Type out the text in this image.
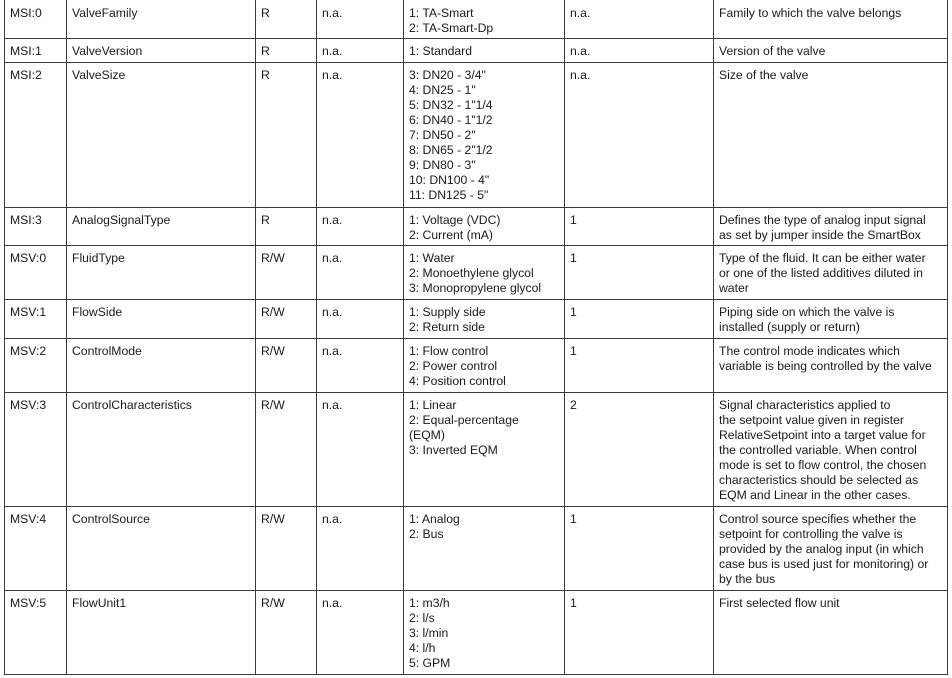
MSI:0	ValveFamily	R	n.a.	1: TA-Smart
2: TA-Smart-Dp	n.a.	Family to which the valve belongs

MSI:1	ValveVersion	R	n.a.	1: Standard	n.a.	Version of the valve

MSI:2	ValveSize	R	n.a.	3: DN20 - 3/4"
4: DN25 - 1"
5: DN32 - 1"1/4
6: DN40 - 1"1/2
7: DN50 - 2"
8: DN65 - 2"1/2
9: DN80 - 3"
10: DN100 - 4"
11: DN125 - 5"
	n.a.	Size of the valve

MSI:3	AnalogSignalType	R	n.a.	1: Voltage (VDC)
2: Current (mA)	1	Defines the type of analog input signal
as set by jumper inside the SmartBox

MSV:0	FluidType	R/W	n.a.	1: Water
2: Monoethylene glycol
3: Monopropylene glycol	1	Type of the fluid. It can be either water
or one of the listed additives diluted in
water

MSV:1	FlowSide	R/W	n.a.	1: Supply side
2: Return side	1	Piping side on which the valve is
installed (supply or return)

MSV:2	ControlMode	R/W	n.a.	1: Flow control
2: Power control
4: Position control	1	The control mode indicates which
variable is being controlled by the valve

MSV:3	ControlCharacteristics	R/W	n.a.	1: Linear
2: Equal-percentage
(EQM)
3: Inverted EQM
	2	Signal characteristics applied to
the setpoint value given in register
RelativeSetpoint into a target value for
the controlled variable. When control
mode is set to flow control, the chosen
characteristics should be selected as
EQM and Linear in the other cases.

MSV:4	ControlSource	R/W	n.a.	1: Analog
2: Bus	1	Control source specifies whether the
setpoint for controlling the valve is
provided by the analog input (in which
case bus is used just for monitoring) or
by the bus

MSV:5	FlowUnit1	R/W	n.a.	1: m3/h
2: l/s
3: l/min
4: l/h
5: GPM	1	First selected flow unit
